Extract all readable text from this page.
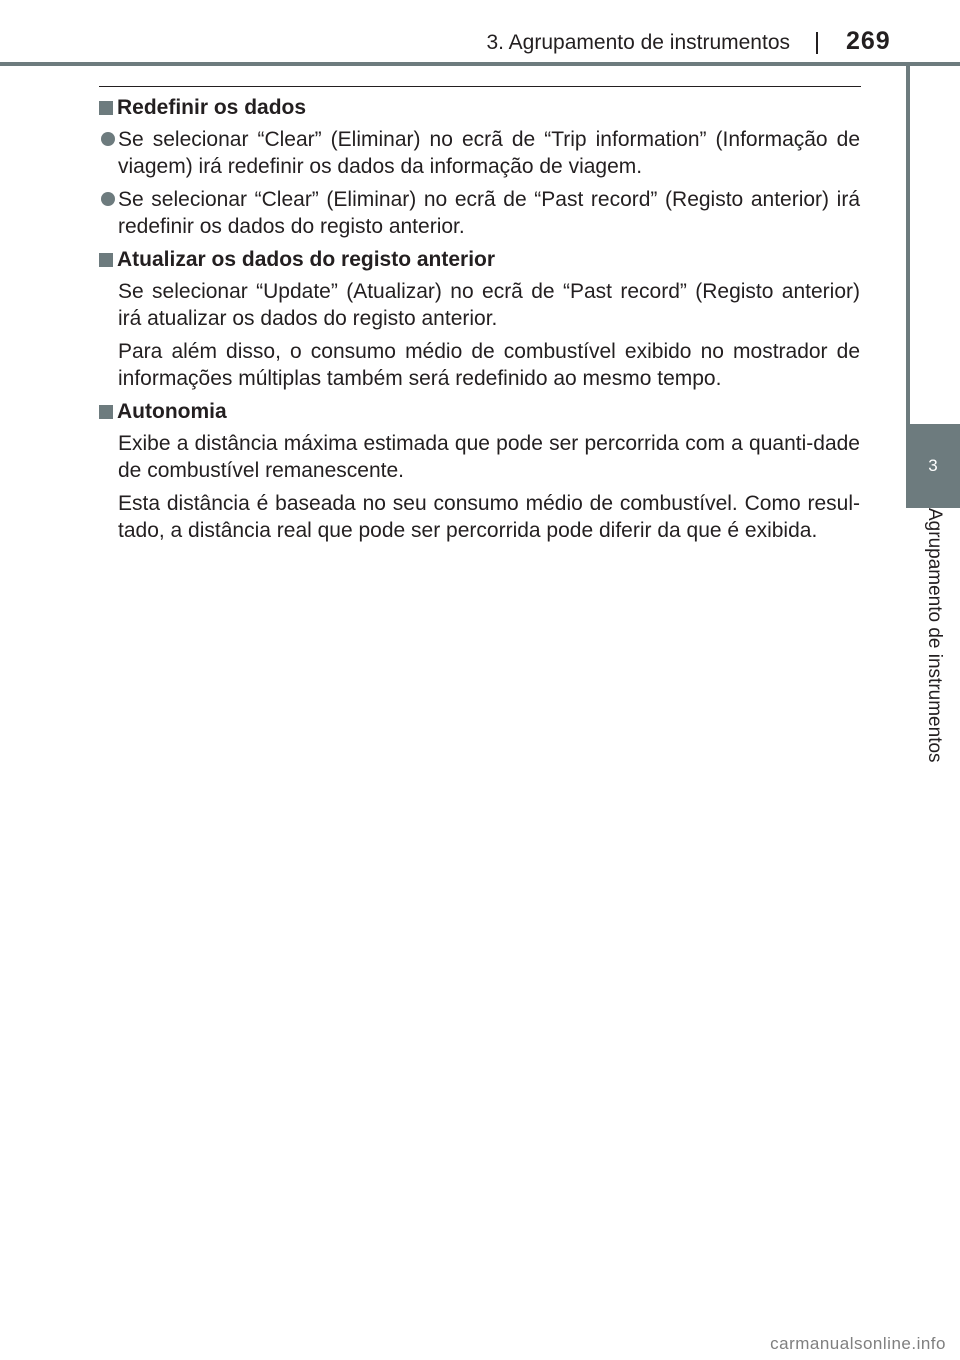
3. Agrupamento de instrumentos 269
3
Agrupamento de instrumentos
Redefinir os dados
Se selecionar “Clear” (Eliminar) no ecrã de “Trip information” (Informação de viagem) irá redefinir os dados da informação de viagem.
Se selecionar “Clear” (Eliminar) no ecrã de “Past record” (Registo anterior) irá redefinir os dados do registo anterior.
Atualizar os dados do registo anterior
Se selecionar “Update” (Atualizar) no ecrã de “Past record” (Registo anterior) irá atualizar os dados do registo anterior.
Para além disso, o consumo médio de combustível exibido no mostrador de informações múltiplas também será redefinido ao mesmo tempo.
Autonomia
Exibe a distância máxima estimada que pode ser percorrida com a quanti-dade de combustível remanescente.
Esta distância é baseada no seu consumo médio de combustível. Como resul-tado, a distância real que pode ser percorrida pode diferir da que é exibida.
carmanualsonline.info
